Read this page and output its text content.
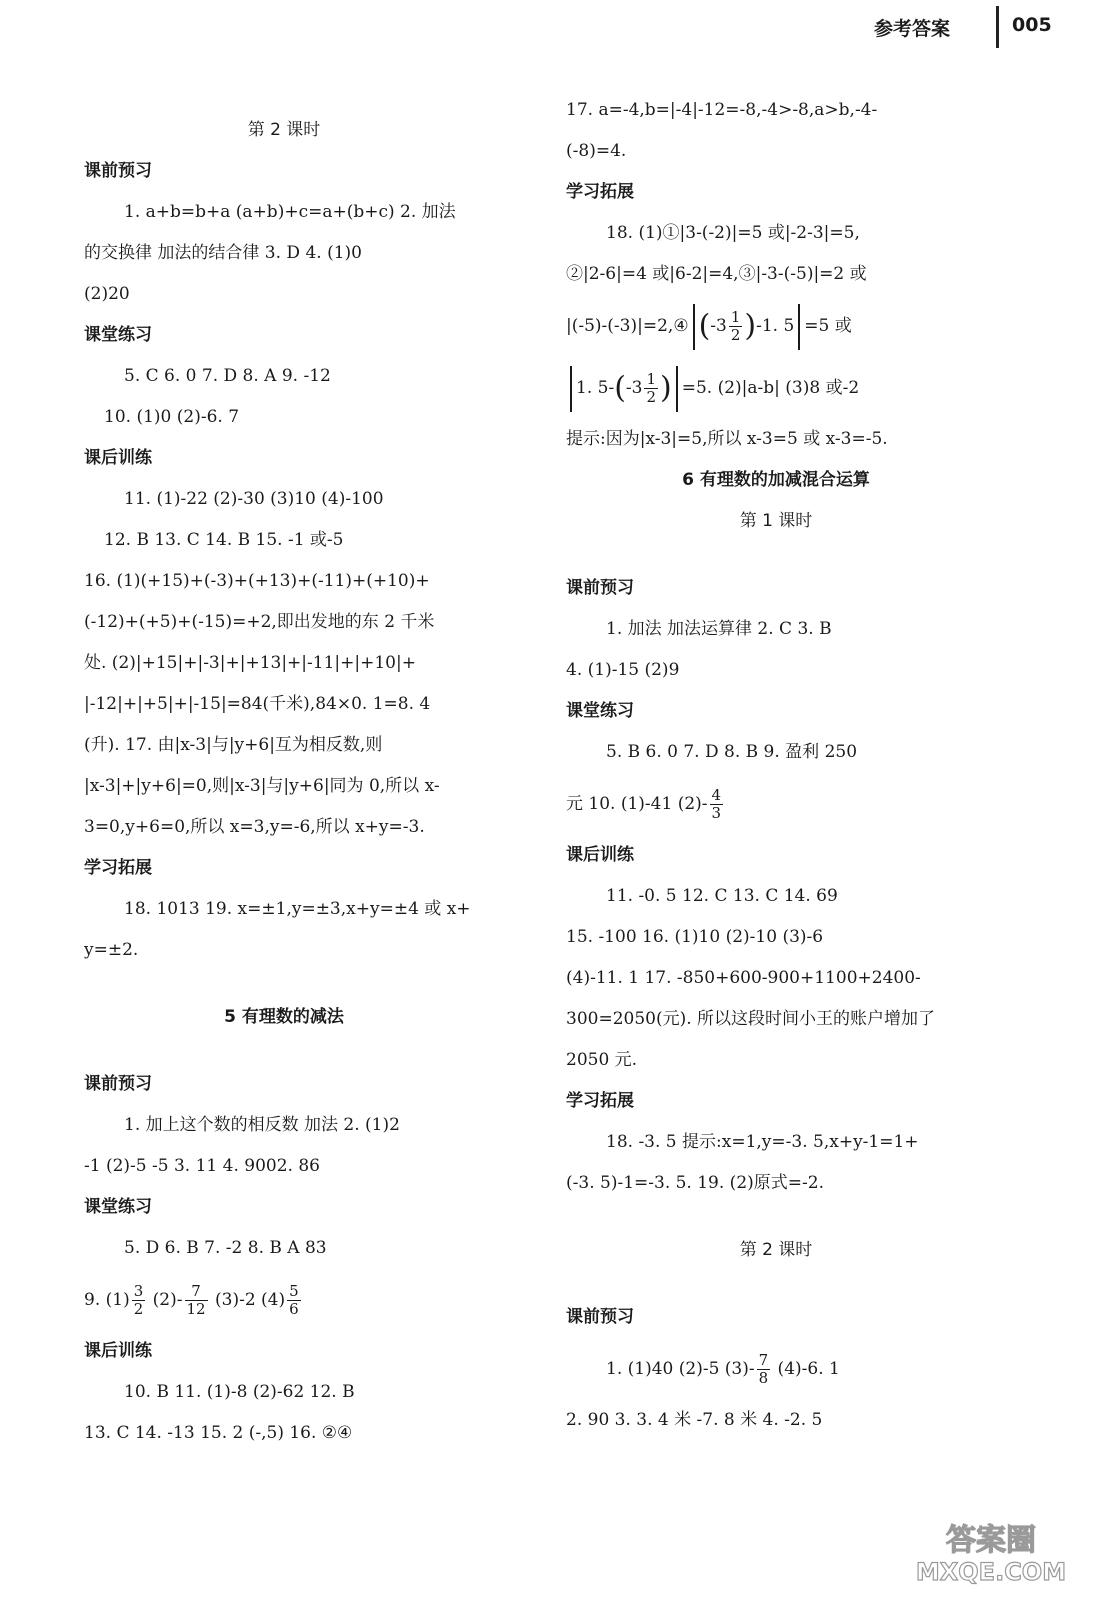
参考答案	005
第 2 课时
课前预习
1. a+b=b+a (a+b)+c=a+(b+c) 2. 加法
的交换律 加法的结合律 3. D 4. (1)0
(2)20
课堂练习
5. C 6. 0 7. D 8. A 9. -12
10. (1)0 (2)-6. 7
课后训练
11. (1)-22 (2)-30 (3)10 (4)-100
12. B 13. C 14. B 15. -1 或-5
16. (1)(+15)+(-3)+(+13)+(-11)+(+10)+
(-12)+(+5)+(-15)=+2,即出发地的东 2 千米
处. (2)|+15|+|-3|+|+13|+|-11|+|+10|+
|-12|+|+5|+|-15|=84(千米),84×0. 1=8. 4
(升). 17. 由|x-3|与|y+6|互为相反数,则
|x-3|+|y+6|=0,则|x-3|与|y+6|同为 0,所以 x-
3=0,y+6=0,所以 x=3,y=-6,所以 x+y=-3.
学习拓展
18. 1013 19. x=±1,y=±3,x+y=±4 或 x+
y=±2.
5 有理数的减法
课前预习
1. 加上这个数的相反数 加法 2. (1)2
-1 (2)-5 -5 3. 11 4. 9002. 86
课堂练习
5. D 6. B 7. -2 8. B A 83
9. $(1) \frac{3}{2} (2)- \frac{7}{12} (3)-2$ $(4) \frac{5}{6}$
课后训练
10. B 11. (1)-8 (2)-62 12. B
13. C 14. -13 15. 2 (-,5) 16. ②④
17. a=-4,b=|-4|-12=-8,-4>-8,a>b,-4-
(-8)=4.
学习拓展
18. (1)①|3-(-2)|=5 或|-2-3|=5,
②|2-6|=4 或|6-2|=4,③|-3-(-5)|=2 或
|(-5)-(-3)|=2,④ $(-3 \frac{1}{2} )-1$. 5 =5 或
1. $5-(-3 \frac{1}{2}$ ) =5. (2)|a-b| (3)8 或-2
提示:因为|x-3|=5,所以 x-3=5 或 x-3=-5.
6 有理数的加减混合运算
第 1 课时
课前预习
1. 加法 加法运算律 2. C 3. B
4. (1)-15 (2)9
课堂练习
5. B 6. 0 7. D 8. B 9. 盈利 250
元 10. (1)-41 $(2)- \frac{4}{3}$
课后训练
11. -0. 5 12. C 13. C 14. 69
15. -100 16. (1)10 (2)-10 (3)-6
(4)-11. 1 17. -850+600-900+1100+2400-
300=2050(元). 所以这段时间小王的账户增加了
2050 元.
学习拓展
18. -3. 5 提示:x=1,y=-3. 5,x+y-1=1+
(-3. 5)-1=-3. 5. 19. (2)原式=-2.
第 2 课时
课前预习
1. (1)40 (2)-5 $(3)- \frac{7}{8} (4)-6$. 1
2. 90 3. 3. 4 米 -7. 8 米 4. -2. 5
答案圈
MXQE.COM
